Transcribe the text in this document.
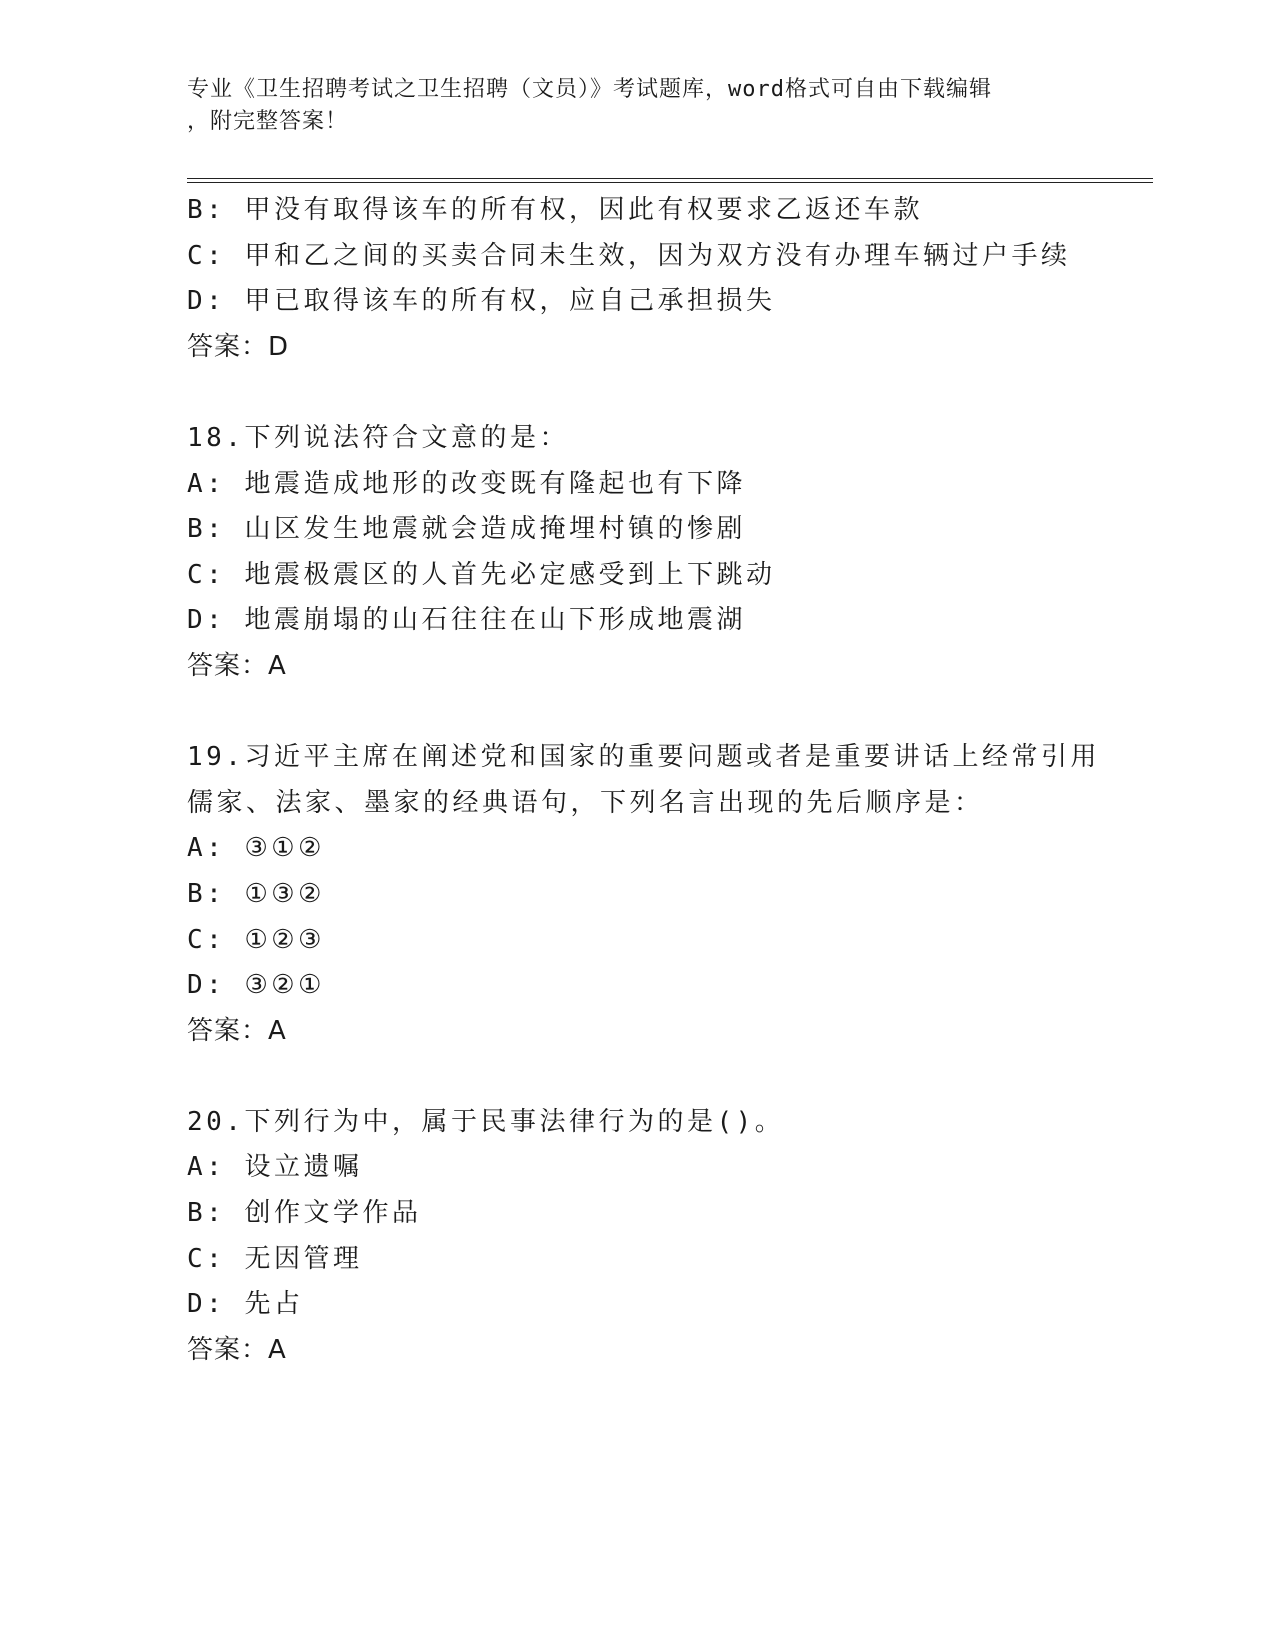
专业《卫生招聘考试之卫生招聘（文员）》考试题库，word格式可自由下载编辑
，附完整答案！
B: 甲没有取得该车的所有权，因此有权要求乙返还车款
C: 甲和乙之间的买卖合同未生效，因为双方没有办理车辆过户手续
D: 甲已取得该车的所有权，应自己承担损失
答案：D
18.下列说法符合文意的是：
A: 地震造成地形的改变既有隆起也有下降
B: 山区发生地震就会造成掩埋村镇的惨剧
C: 地震极震区的人首先必定感受到上下跳动
D: 地震崩塌的山石往往在山下形成地震湖
答案：A
19.习近平主席在阐述党和国家的重要问题或者是重要讲话上经常引用
儒家、法家、墨家的经典语句，下列名言出现的先后顺序是：
A: ③①②
B: ①③②
C: ①②③
D: ③②①
答案：A
20.下列行为中，属于民事法律行为的是()。
A: 设立遗嘱
B: 创作文学作品
C: 无因管理
D: 先占
答案：A
